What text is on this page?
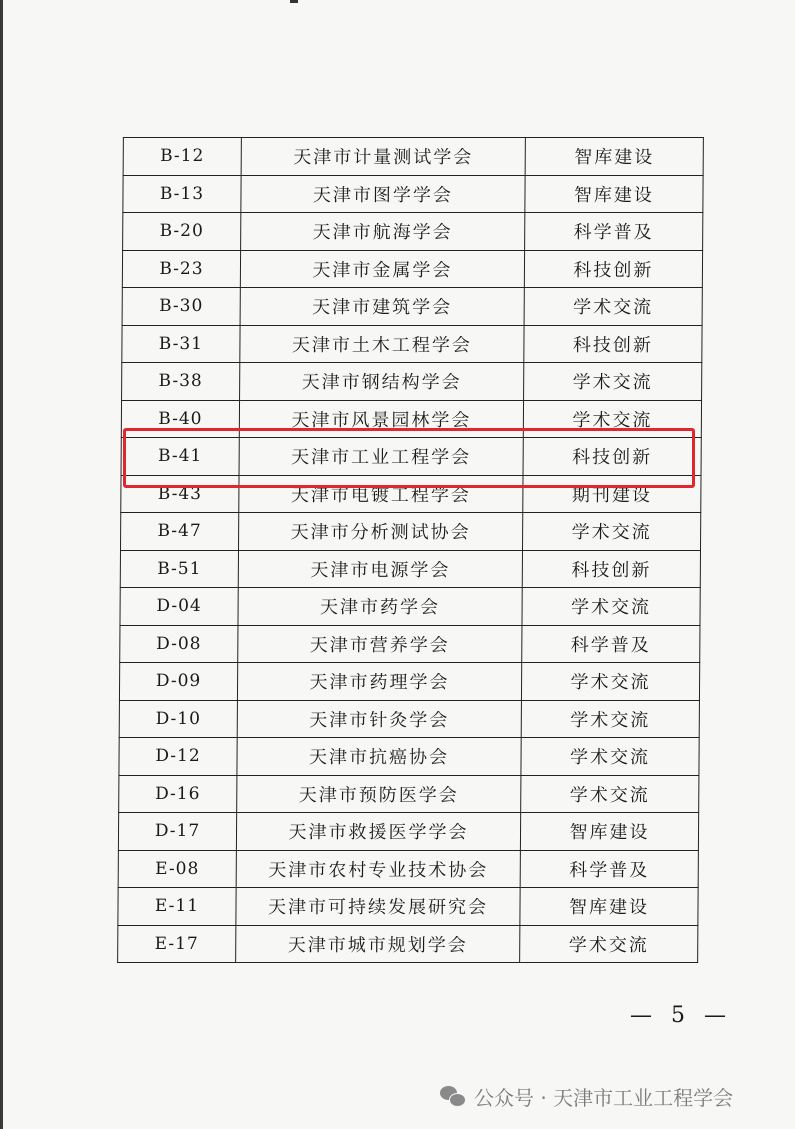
B-12	天津市计量测试学会	智库建设
B-13	天津市图学学会	智库建设
B-20	天津市航海学会	科学普及
B-23	天津市金属学会	科技创新
B-30	天津市建筑学会	学术交流
B-31	天津市土木工程学会	科技创新
B-38	天津市钢结构学会	学术交流
B-40	天津市风景园林学会	学术交流
B-41	天津市工业工程学会	科技创新
B-43	天津市电镀工程学会	期刊建设
B-47	天津市分析测试协会	学术交流
B-51	天津市电源学会	科技创新
D-04	天津市药学会	学术交流
D-08	天津市营养学会	科学普及
D-09	天津市药理学会	学术交流
D-10	天津市针灸学会	学术交流
D-12	天津市抗癌协会	学术交流
D-16	天津市预防医学会	学术交流
D-17	天津市救援医学学会	智库建设
E-08	天津市农村专业技术协会	科学普及
E-11	天津市可持续发展研究会	智库建设
E-17	天津市城市规划学会	学术交流
— 5 —
公众号 · 天津市工业工程学会
